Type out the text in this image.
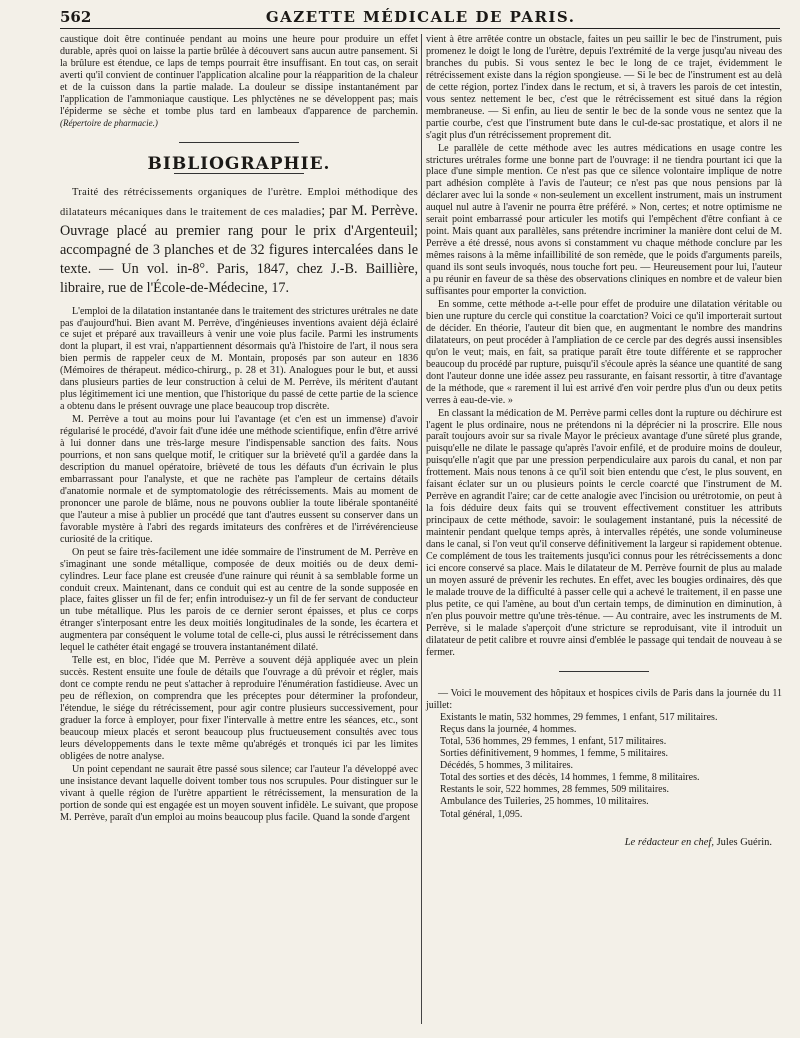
562	GAZETTE MÉDICALE DE PARIS.

caustique doit être continuée pendant au moins une heure pour produire un effet durable, après quoi on laisse la partie brûlée à découvert sans aucun autre pansement. Si la brûlure est étendue, ce laps de temps pourrait être insuffisant. En tout cas, on serait averti qu'il convient de continuer l'application alcaline pour la réapparition de la chaleur et de la cuisson dans la partie malade. La douleur se dissipe instantanément par l'application de l'ammoniaque caustique. Les phlyctènes ne se développent pas; mais l'épiderme se sèche et tombe plus tard en lambeaux d'apparence de parchemin. (Répertoire de pharmacie.)

BIBLIOGRAPHIE.

Traité des rétrécissements organiques de l'urètre. Emploi méthodique des dilatateurs mécaniques dans le traitement de ces maladies; par M. Perrève. Ouvrage placé au premier rang pour le prix d'Argenteuil; accompagné de 3 planches et de 32 figures intercalées dans le texte. — Un vol. in-8°. Paris, 1847, chez J.-B. Baillière, libraire, rue de l'École-de-Médecine, 17.

L'emploi de la dilatation instantanée dans le traitement des strictures urétrales ne date pas d'aujourd'hui. Bien avant M. Perrève, d'ingénieuses inventions avaient déjà éclairé ce sujet et préparé aux travailleurs à venir une voie plus facile. Parmi les instruments dont la plupart, il est vrai, n'appartiennent désormais qu'à l'histoire de l'art, il nous sera bien permis de rappeler ceux de M. Montain, proposés par son auteur en 1836 (Mémoires de thérapeut. médico-chirurg., p. 28 et 31). Analogues pour le but, et aussi dans plusieurs parties de leur construction à celui de M. Perrève, ils méritent d'autant plus légitimement ici une mention, que l'historique du passé de cette partie de la science a obtenu dans le présent ouvrage une place beaucoup trop discrète.

M. Perrève a tout au moins pour lui l'avantage (et c'en est un immense) d'avoir régularisé le procédé, d'avoir fait d'une idée une méthode scientifique, enfin d'être arrivé à lui donner dans une très-large mesure l'indispensable sanction des faits. Nous pourrions, et non sans quelque motif, le critiquer sur la brièveté qu'il a gardée dans la description du manuel opératoire, brièveté de tous les défauts d'un écrivain le plus embarrassant pour l'analyste, et que ne rachète pas l'ampleur de certains détails d'anatomie normale et de symptomatologie des rétrécissements. Mais au moment de prononcer une parole de blâme, nous ne pouvons oublier la toute libérale spontanéité que l'auteur a mise à publier un procédé que tant d'autres eussent su conserver dans un favorable mystère à l'abri des regards imitateurs des confrères et de l'irrévérencieuse curiosité de la critique.

On peut se faire très-facilement une idée sommaire de l'instrument de M. Perrève en s'imaginant une sonde métallique, composée de deux moitiés ou de deux demi-cylindres. Leur face plane est creusée d'une rainure qui réunit à sa semblable forme un conduit creux. Maintenant, dans ce conduit qui est au centre de la sonde supposée en place, faites glisser un fil de fer; enfin introduisez-y un fil de fer servant de conducteur un tube métallique. Plus les parois de ce dernier seront épaisses, et plus ce corps étranger s'interposant entre les deux moitiés longitudinales de la sonde, les écartera et augmentera par conséquent le volume total de celle-ci, plus aussi le rétrécissement dans lequel le cathéter était engagé se trouvera instantanément dilaté.

Telle est, en bloc, l'idée que M. Perrève a souvent déjà appliquée avec un plein succès. Restent ensuite une foule de détails que l'ouvrage a dû prévoir et régler, mais dont ce compte rendu ne peut s'attacher à reproduire l'énumération fastidieuse. Avec un peu de réflexion, on comprendra que les préceptes pour déterminer la profondeur, l'étendue, le siége du rétrécissement, pour agir contre plusieurs successivement, pour graduer la force à employer, pour fixer l'intervalle à mettre entre les séances, etc., sont beaucoup mieux placés et seront beaucoup plus fructueusement consultés avec tous leurs développements dans le texte même qu'abrégés et tronqués ici par les limites obligées de notre analyse.

Un point cependant ne saurait être passé sous silence; car l'auteur l'a développé avec une insistance devant laquelle doivent tomber tous nos scrupules. Pour distinguer sur le vivant à quelle région de l'urètre appartient le rétrécissement, la mensuration de la portion de sonde qui est engagée est un moyen souvent infidèle. Le suivant, que propose M. Perrève, paraît d'un emploi au moins beaucoup plus facile. Quand la sonde d'argent

vient à être arrêtée contre un obstacle, faites un peu saillir le bec de l'instrument, puis promenez le doigt le long de l'urètre, depuis l'extrémité de la verge jusqu'au niveau des branches du pubis. Si vous sentez le bec le long de ce trajet, évidemment le rétrécissement existe dans la région spongieuse. — Si le bec de l'instrument est au delà de cette région, portez l'index dans le rectum, et si, à travers les parois de cet intestin, vous sentez nettement le bec, c'est que le rétrécissement est situé dans la région membraneuse. — Si enfin, au lieu de sentir le bec de la sonde vous ne sentez que la partie courbe, c'est que l'instrument bute dans le cul-de-sac prostatique, et alors il ne s'agit plus d'un rétrécissement proprement dit.

Le parallèle de cette méthode avec les autres médications en usage contre les strictures urétrales forme une bonne part de l'ouvrage: il ne tiendra pourtant ici que la place d'une simple mention. Ce n'est pas que ce silence volontaire implique de notre part adhésion complète à l'avis de l'auteur; ce n'est pas que nous pensions par là déclarer avec lui la sonde « non-seulement un excellent instrument, mais un instrument auquel nul autre à l'avenir ne pourra être préféré. » Non, certes; et notre optimisme ne serait point embarrassé pour articuler les motifs qui l'empêchent d'être confiant à ce point. Mais quant aux parallèles, sans prétendre incriminer la manière dont celui de M. Perrève a été dressé, nous avons si constamment vu chaque méthode conclure par les mêmes raisons à la même infaillibilité de son remède, que le poids d'arguments pareils, quand ils sont seuls invoqués, nous touche fort peu. — Heureusement pour lui, l'auteur a pu réunir en faveur de sa thèse des observations cliniques en nombre et de valeur bien suffisantes pour emporter la conviction.

En somme, cette méthode a-t-elle pour effet de produire une dilatation véritable ou bien une rupture du cercle qui constitue la coarctation? Voici ce qu'il importerait surtout de décider. En théorie, l'auteur dit bien que, en augmentant le nombre des mandrins dilatateurs, on peut procéder à l'ampliation de ce cercle par des degrés aussi insensibles qu'on le veut; mais, en fait, sa pratique paraît être toute différente et se rapprocher beaucoup du procédé par rupture, puisqu'il s'écoule après la séance une quantité de sang dont l'auteur donne une idée assez peu rassurante, en faisant ressortir, à titre d'avantage de la méthode, que « rarement il lui est arrivé d'en voir perdre plus d'un ou deux petits verres à eau-de-vie. »

En classant la médication de M. Perrève parmi celles dont la rupture ou déchirure est l'agent le plus ordinaire, nous ne prétendons ni la déprécier ni la proscrire. Elle nous paraît toujours avoir sur sa rivale Mayor le précieux avantage d'une sûreté plus grande, puisqu'elle ne dilate le passage qu'après l'avoir enfilé, et de produire moins de douleur, puisqu'elle n'agit que par une pression perpendiculaire aux parois du canal, et non par frottement. Mais nous tenons à ce qu'il soit bien entendu que c'est, le plus souvent, en faisant éclater sur un ou plusieurs points le cercle coarcté que l'instrument de M. Perrève en agrandit l'aire; car de cette analogie avec l'incision ou urétrotomie, on peut à la fois déduire deux faits qui se trouvent effectivement constituer les attributs principaux de cette méthode, savoir: le soulagement instantané, puis la nécessité de maintenir pendant quelque temps après, à intervalles répétés, une sonde volumineuse dans le canal, si l'on veut qu'il conserve définitivement la largeur si rapidement obtenue. Ce complément de tous les traitements jusqu'ici connus pour les rétrécissements a donc ici encore conservé sa place. Mais le dilatateur de M. Perrève fournit de plus au malade un moyen assuré de prévenir les rechutes. En effet, avec les bougies ordinaires, dès que le malade trouve de la difficulté à passer celle qui a achevé le traitement, il en passe une plus petite, ce qui l'amène, au bout d'un certain temps, de diminution en diminution, à n'en plus pouvoir mettre qu'une très-ténue. — Au contraire, avec les instruments de M. Perrève, si le malade s'aperçoit d'une stricture se reproduisant, vite il introduit un dilatateur de petit calibre et rouvre ainsi d'emblée le passage qui tendait de nouveau à se fermer.

— Voici le mouvement des hôpitaux et hospices civils de Paris dans la journée du 11 juillet:

Existants le matin, 532 hommes, 29 femmes, 1 enfant, 517 militaires.

Reçus dans la journée, 4 hommes.

Total, 536 hommes, 29 femmes, 1 enfant, 517 militaires.

Sorties définitivement, 9 hommes, 1 femme, 5 militaires.

Décédés, 5 hommes, 3 militaires.

Total des sorties et des décès, 14 hommes, 1 femme, 8 militaires.

Restants le soir, 522 hommes, 28 femmes, 509 militaires.

Ambulance des Tuileries, 25 hommes, 10 militaires.

Total général, 1,095.

Le rédacteur en chef, Jules Guérin.
